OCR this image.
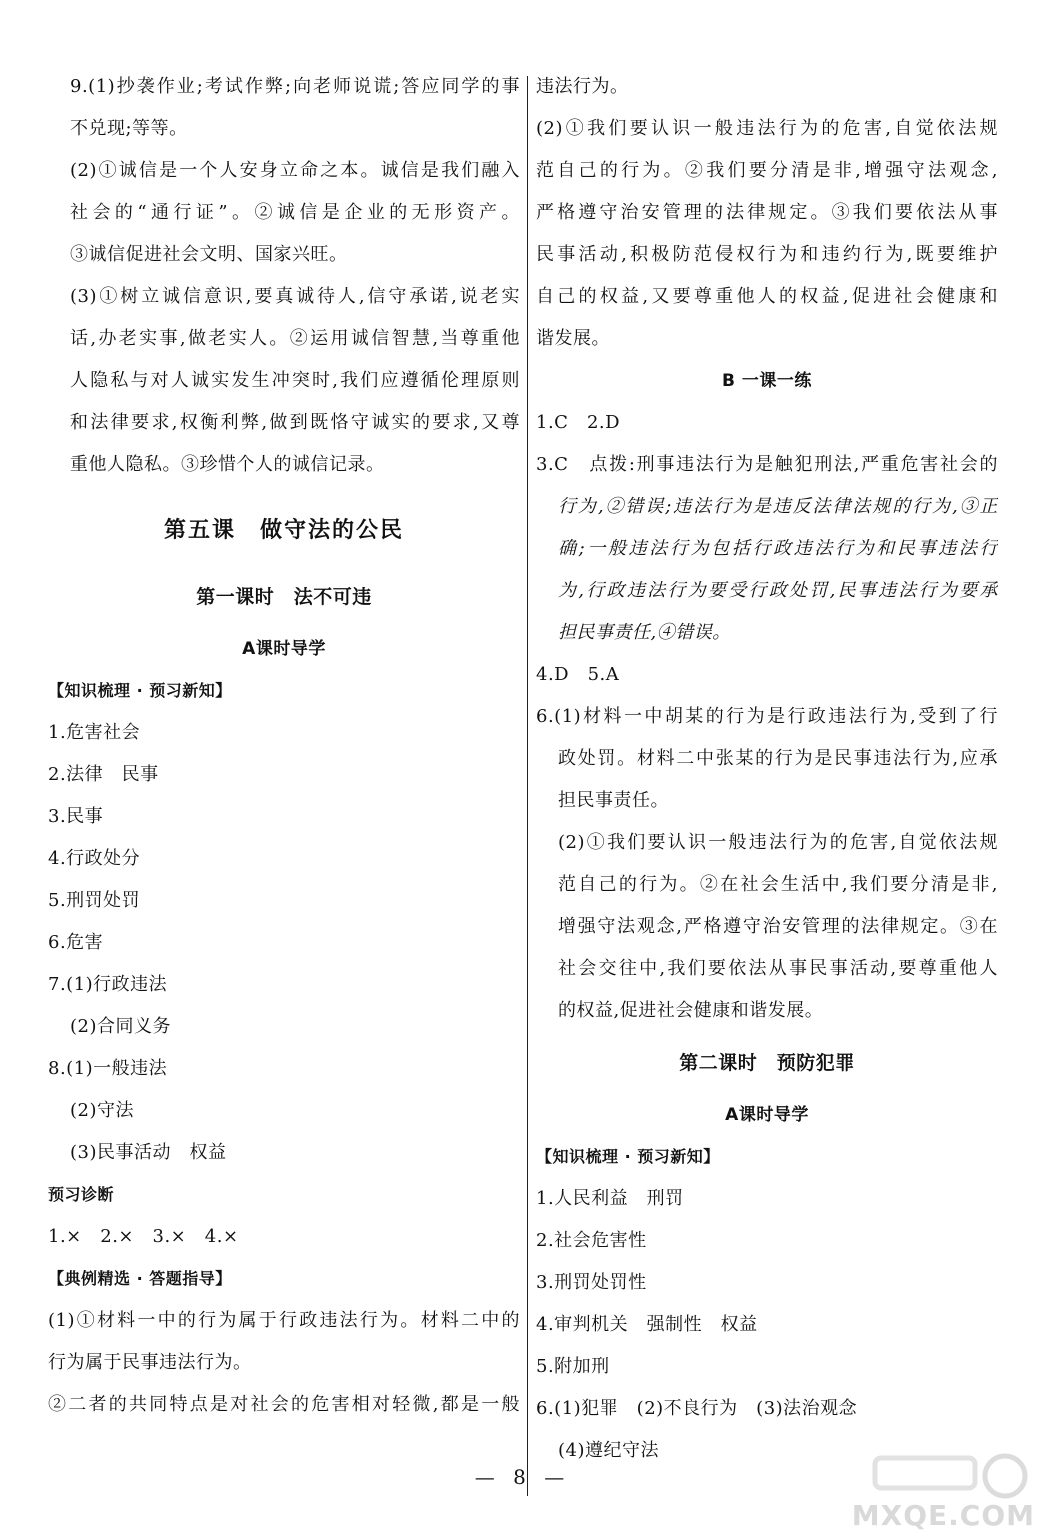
9.(1)抄袭作业;考试作弊;向老师说谎;答应同学的事
不兑现;等等。
(2)①诚信是一个人安身立命之本。诚信是我们融入
社会的“通行证”。②诚信是企业的无形资产。
③诚信促进社会文明、国家兴旺。
(3)①树立诚信意识,要真诚待人,信守承诺,说老实
话,办老实事,做老实人。②运用诚信智慧,当尊重他
人隐私与对人诚实发生冲突时,我们应遵循伦理原则
和法律要求,权衡利弊,做到既恪守诚实的要求,又尊
重他人隐私。③珍惜个人的诚信记录。
第五课　做守法的公民
第一课时　法不可违
A课时导学
【知识梳理 · 预习新知】
1.危害社会
2.法律　民事
3.民事
4.行政处分
5.刑罚处罚
6.危害
7.(1)行政违法
(2)合同义务
8.(1)一般违法
(2)守法
(3)民事活动　权益
预习诊断
1.×　2.×　3.×　4.×
【典例精选 · 答题指导】
(1)①材料一中的行为属于行政违法行为。材料二中的
行为属于民事违法行为。
②二者的共同特点是对社会的危害相对轻微,都是一般
违法行为。
(2)①我们要认识一般违法行为的危害,自觉依法规
范自己的行为。②我们要分清是非,增强守法观念,
严格遵守治安管理的法律规定。③我们要依法从事
民事活动,积极防范侵权行为和违约行为,既要维护
自己的权益,又要尊重他人的权益,促进社会健康和
谐发展。
B 一课一练
1.C　2.D
3.C　点拨:刑事违法行为是触犯刑法,严重危害社会的
行为,②错误;违法行为是违反法律法规的行为,③正
确;一般违法行为包括行政违法行为和民事违法行
为,行政违法行为要受行政处罚,民事违法行为要承
担民事责任,④错误。
4.D　5.A
6.(1)材料一中胡某的行为是行政违法行为,受到了行
政处罚。材料二中张某的行为是民事违法行为,应承
担民事责任。
(2)①我们要认识一般违法行为的危害,自觉依法规
范自己的行为。②在社会生活中,我们要分清是非,
增强守法观念,严格遵守治安管理的法律规定。③在
社会交往中,我们要依法从事民事活动,要尊重他人
的权益,促进社会健康和谐发展。
第二课时　预防犯罪
A课时导学
【知识梳理 · 预习新知】
1.人民利益　刑罚
2.社会危害性
3.刑罚处罚性
4.审判机关　强制性　权益
5.附加刑
6.(1)犯罪　(2)不良行为　(3)法治观念
(4)遵纪守法
— 8 —
MXQE.COM
